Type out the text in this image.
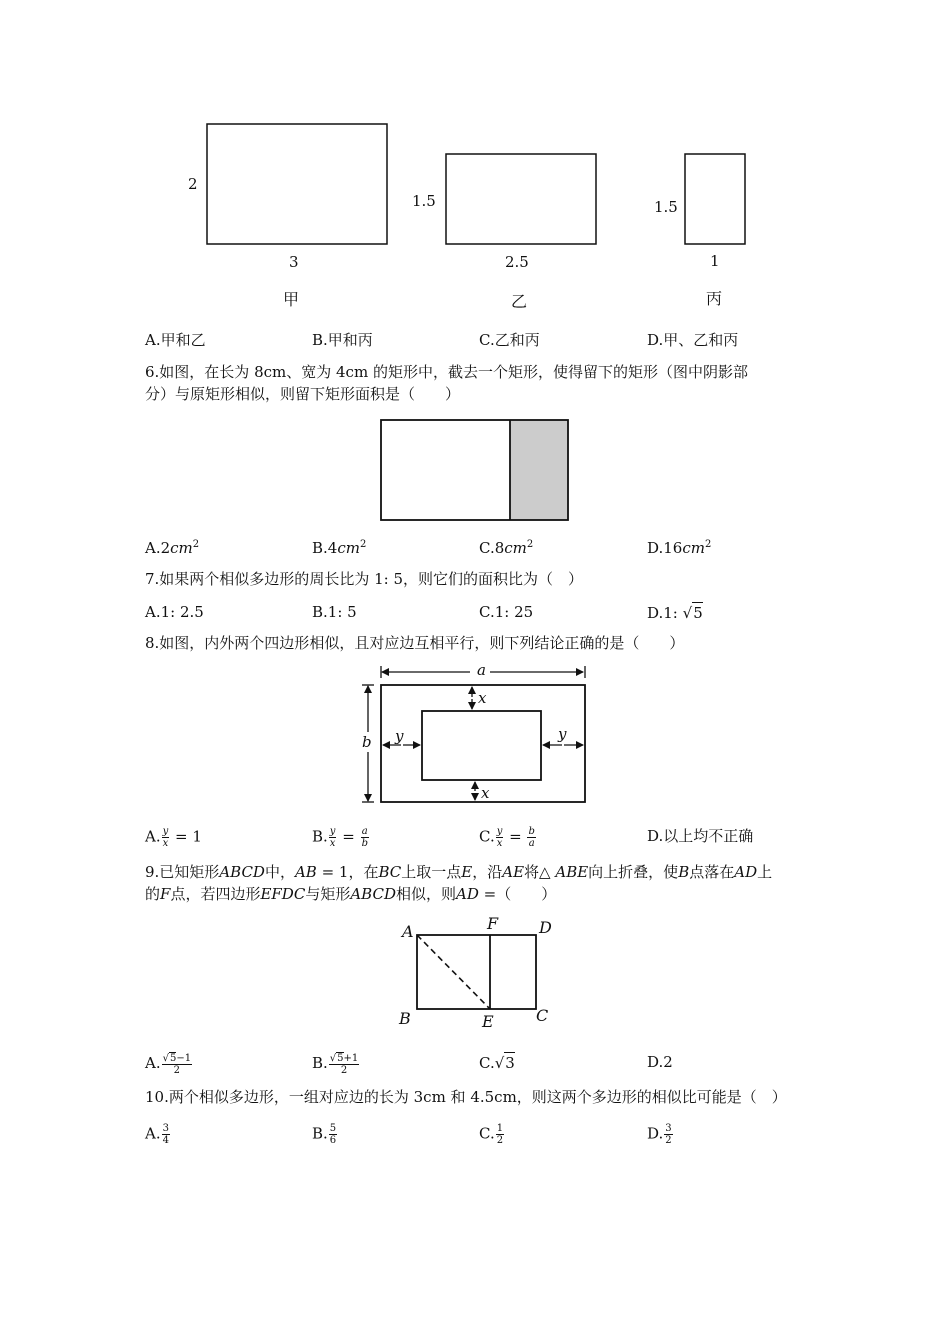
2
3
甲
1.5
2.5
乙
1.5
1
丙
A.甲和乙	B.甲和丙	C.乙和丙	D.甲、乙和丙
6.如图，在长为 8cm、宽为 4cm 的矩形中，截去一个矩形，使得留下的矩形（图中阴影部
分）与原矩形相似，则留下矩形面积是（　　）
$A.2cm^2$	$B.4cm^2$	$C.8cm^2$	$D.16cm^2$
7.如果两个相似多边形的周长比为 1: 5，则它们的面积比为（　）
A.1: 2.5	B.1: 5	C.1: 25	D.1: √5
8.如图，内外两个四边形相似，且对应边互相平行，则下列结论正确的是（　　）
a
b
x
x
y	y
A. $\frac{y}{x} = 1$	B. $\frac{y}{x} = \frac{a}{b}$	C. $\frac{y}{x} = \frac{b}{a}$	D.以上均不正确
9.已知矩形ABCD中，AB = 1，在BC上取一点E，沿AE将△ ABE向上折叠，使B点落在AD上
的F点，若四边形EFDC与矩形ABCD相似，则AD =（　　）
A	F	D
B	E	C
A. $\frac{√5-1}{2}$	B. $\frac{√5+1}{2}$	C.√3	D.2
10.两个相似多边形，一组对应边的长为 3cm 和 4.5cm，则这两个多边形的相似比可能是（　）
A. $\frac{3}{4}$	B. $\frac{5}{6}$	C. $\frac{1}{2}$	D. $\frac{3}{2}$
